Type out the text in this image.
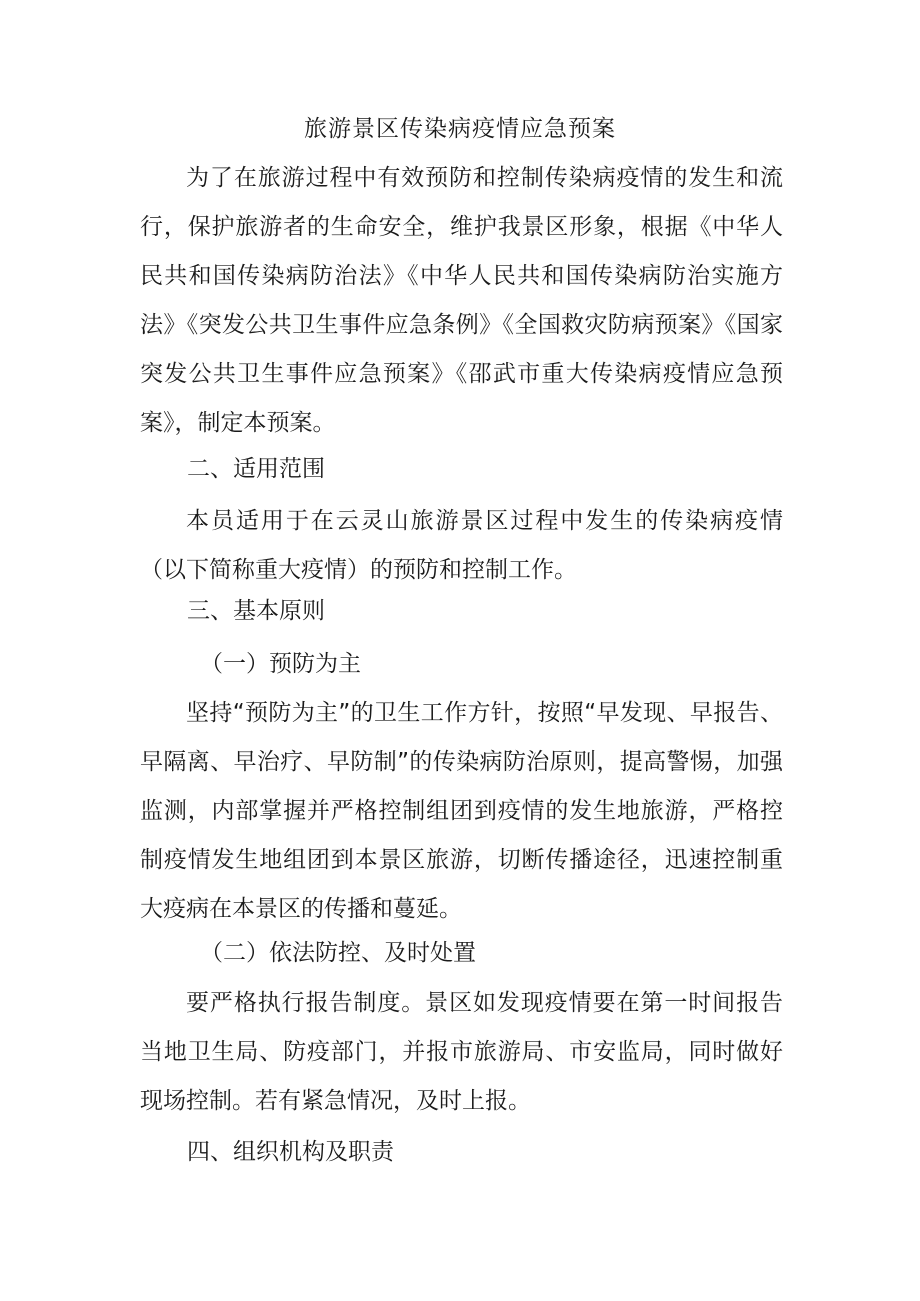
旅游景区传染病疫情应急预案

为了在旅游过程中有效预防和控制传染病疫情的发生和流行，保护旅游者的生命安全，维护我景区形象，根据《中华人民共和国传染病防治法》《中华人民共和国传染病防治实施方法》《突发公共卫生事件应急条例》《全国救灾防病预案》《国家突发公共卫生事件应急预案》《邵武市重大传染病疫情应急预案》，制定本预案。

二、适用范围

本员适用于在云灵山旅游景区过程中发生的传染病疫情（以下简称重大疫情）的预防和控制工作。

三、基本原则
（一）预防为主

坚持“预防为主”的卫生工作方针，按照“早发现、早报告、早隔离、早治疗、早防制”的传染病防治原则，提高警惕，加强监测，内部掌握并严格控制组团到疫情的发生地旅游，严格控制疫情发生地组团到本景区旅游，切断传播途径，迅速控制重大疫病在本景区的传播和蔓延。

（二）依法防控、及时处置

要严格执行报告制度。景区如发现疫情要在第一时间报告当地卫生局、防疫部门，并报市旅游局、市安监局，同时做好现场控制。若有紧急情况，及时上报。

四、组织机构及职责
